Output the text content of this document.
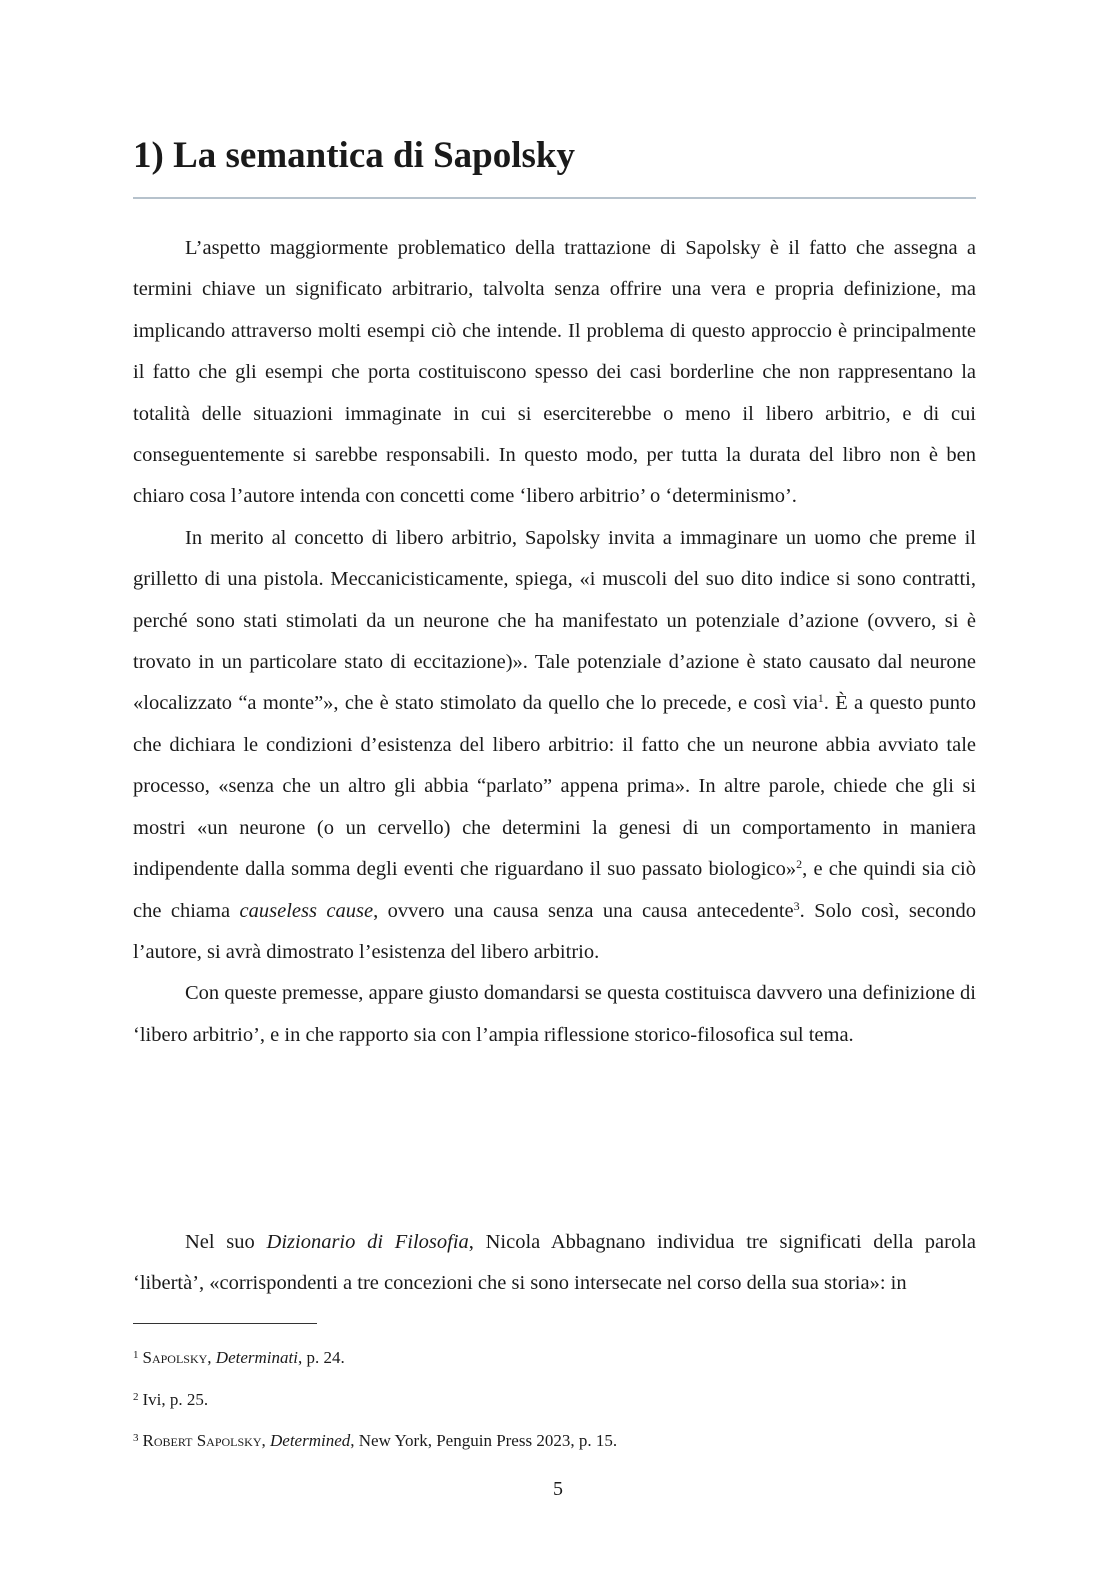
1) La semantica di Sapolsky

L’aspetto maggiormente problematico della trattazione di Sapolsky è il fatto che assegna a termini chiave un significato arbitrario, talvolta senza offrire una vera e propria definizione, ma implicando attraverso molti esempi ciò che intende. Il problema di questo approccio è principalmente il fatto che gli esempi che porta costituiscono spesso dei casi borderline che non rappresentano la totalità delle situazioni immaginate in cui si eserciterebbe o meno il libero arbitrio, e di cui conseguentemente si sarebbe responsabili. In questo modo, per tutta la durata del libro non è ben chiaro cosa l’autore intenda con concetti come ‘libero arbitrio’ o ‘determinismo’.

In merito al concetto di libero arbitrio, Sapolsky invita a immaginare un uomo che preme il grilletto di una pistola. Meccanicisticamente, spiega, «i muscoli del suo dito indice si sono contratti, perché sono stati stimolati da un neurone che ha manifestato un potenziale d’azione (ovvero, si è trovato in un particolare stato di eccitazione)». Tale potenziale d’azione è stato causato dal neurone «localizzato “a monte”», che è stato stimolato da quello che lo precede, e così via$^1$. È a questo punto che dichiara le condizioni d’esistenza del libero arbitrio: il fatto che un neurone abbia avviato tale processo, «senza che un altro gli abbia “parlato” appena prima». In altre parole, chiede che gli si mostri «un neurone (o un cervello) che determini la genesi di un comportamento in maniera indipendente dalla somma degli eventi che riguardano il suo passato biologico»$^2$, e che quindi sia ciò che chiama causeless cause, ovvero una causa senza una causa antecedente$^3$. Solo così, secondo l’autore, si avrà dimostrato l’esistenza del libero arbitrio.

Con queste premesse, appare giusto domandarsi se questa costituisca davvero una definizione di ‘libero arbitrio’, e in che rapporto sia con l’ampia riflessione storico-filosofica sul tema.

Nel suo Dizionario di Filosofia, Nicola Abbagnano individua tre significati della parola ‘libertà’, «corrispondenti a tre concezioni che si sono intersecate nel corso della sua storia»: in

$^1$ Sapolsky, Determinati, p. 24.

$^2$ Ivi, p. 25.

$^3$ Robert Sapolsky, Determined, New York, Penguin Press 2023, p. 15.

5
